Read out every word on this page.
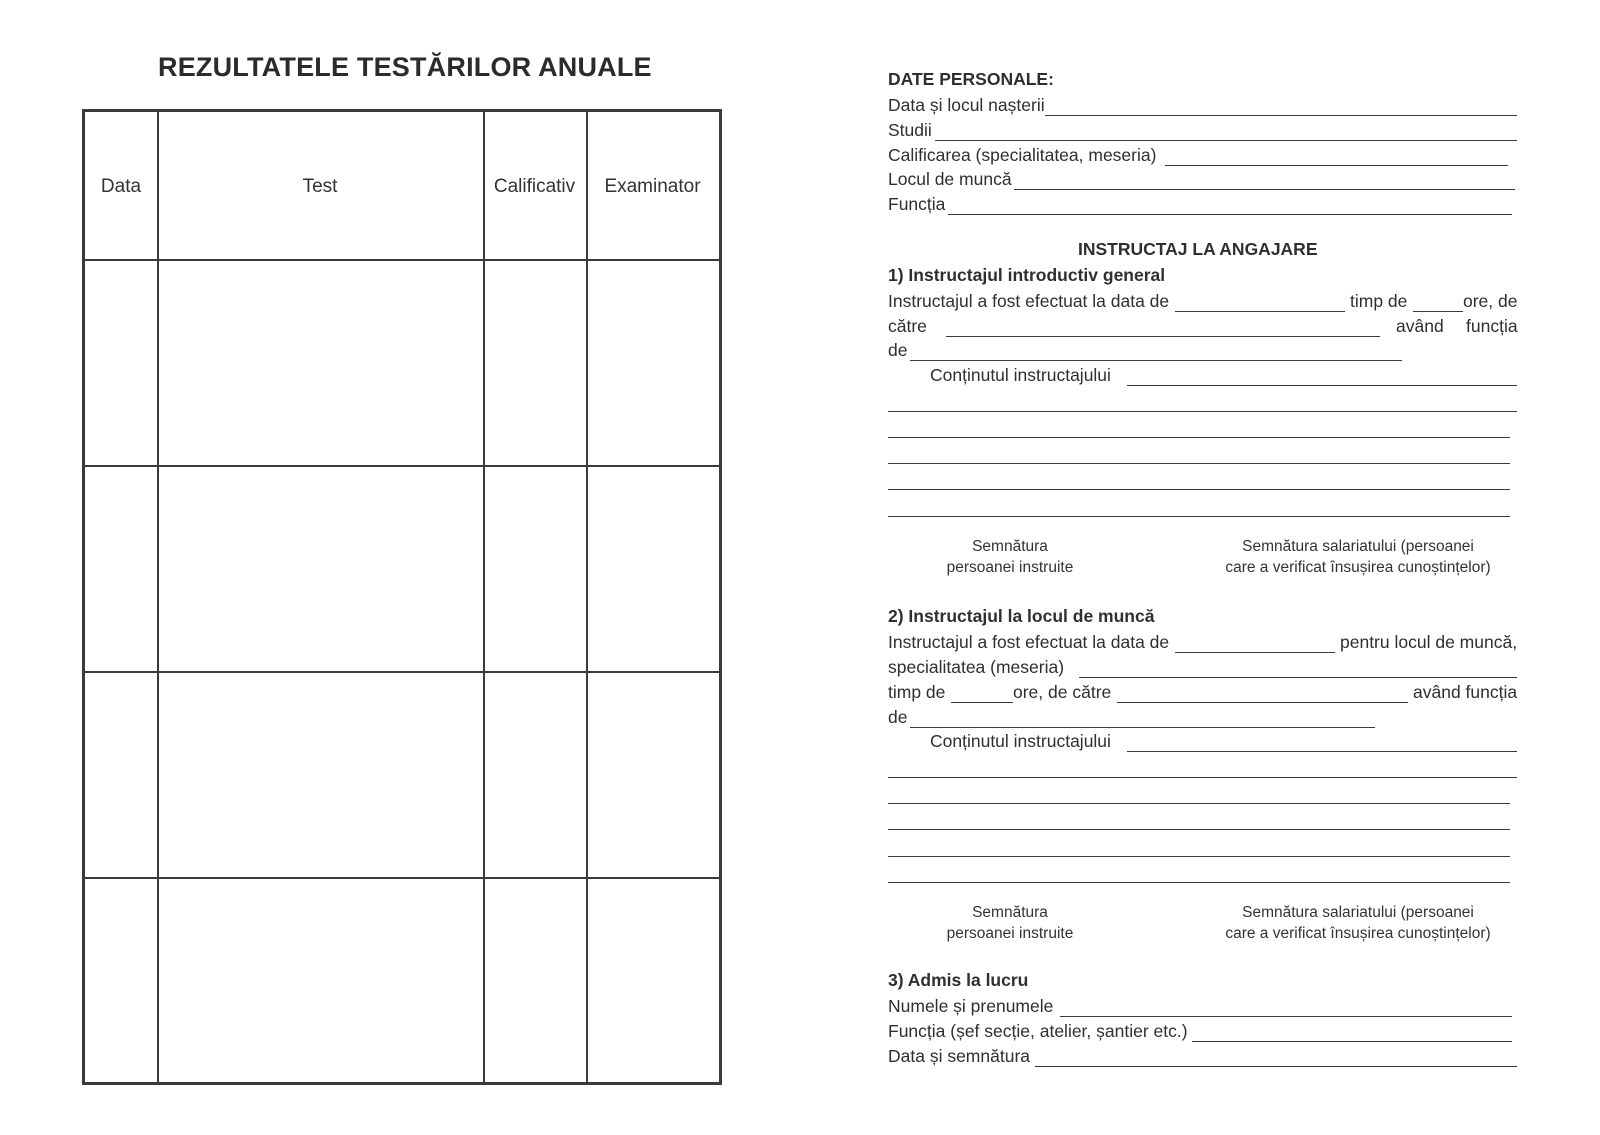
REZULTATELE TESTĂRILOR ANUALE
Data	Test	Calificativ	Examinator
DATE PERSONALE:
Data și locul nașterii
Studii
Calificarea (specialitatea, meseria)
Locul de muncă
Funcția
INSTRUCTAJ LA ANGAJARE
1) Instructajul introductiv general
Instructajul a fost efectuat la data de	timp de	ore, de
către	având funcția
de
Conținutul instructajului
Semnătura
persoanei instruite
Semnătura salariatului (persoanei
care a verificat însușirea cunoștințelor)
2) Instructajul la locul de muncă
Instructajul a fost efectuat la data de	pentru locul de muncă,
specialitatea (meseria)
timp de	ore, de către	având funcția
de
Conținutul instructajului
Semnătura
persoanei instruite
Semnătura salariatului (persoanei
care a verificat însușirea cunoștințelor)
3) Admis la lucru
Numele și prenumele
Funcția (șef secție, atelier, șantier etc.)
Data și semnătura
